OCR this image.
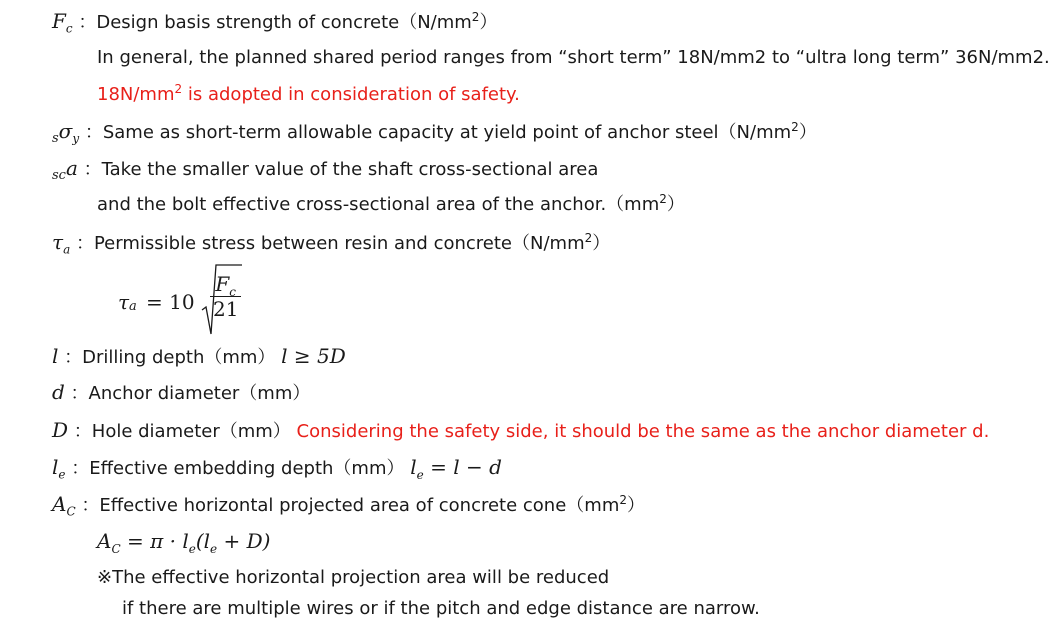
$F_c$ ：Design basis strength of $concrete(N/mm^2)$
In general, the planned shared period ranges from “short term” 18N/mm2 to “ultra long term” 36N/mm2.
$18N/mm^2$ is adopted in consideration of safety.
$_s\sigma_y$ ：Same as short-term allowable capacity at yield point of anchor $steel(N/mm^2)$
$_{sc}$a ：Take the smaller value of the shaft cross-sectional area
and the bolt effective cross-sectional area of the $anchor.(mm^2)$
$\tau_a$ ：Permissible stress between resin and $concrete(N/mm^2)$
τ $a = 10 \frac{F_c}{21}$
l ：Drilling depth（mm） l ≥ 5D
d ：Anchor diameter（mm）
D ：Hole diameter（mm） Considering the safety side, it should be the same as the anchor diameter d.
$l_e$ ：Effective embedding depth（mm） $l_e = l - d$
$A_C$ ：Effective horizontal projected area of concrete $cone(mm^2)$
$A_C = \pi \cdot l_e(l_e + D)$
※The effective horizontal projection area will be reduced
if there are multiple wires or if the pitch and edge distance are narrow.
